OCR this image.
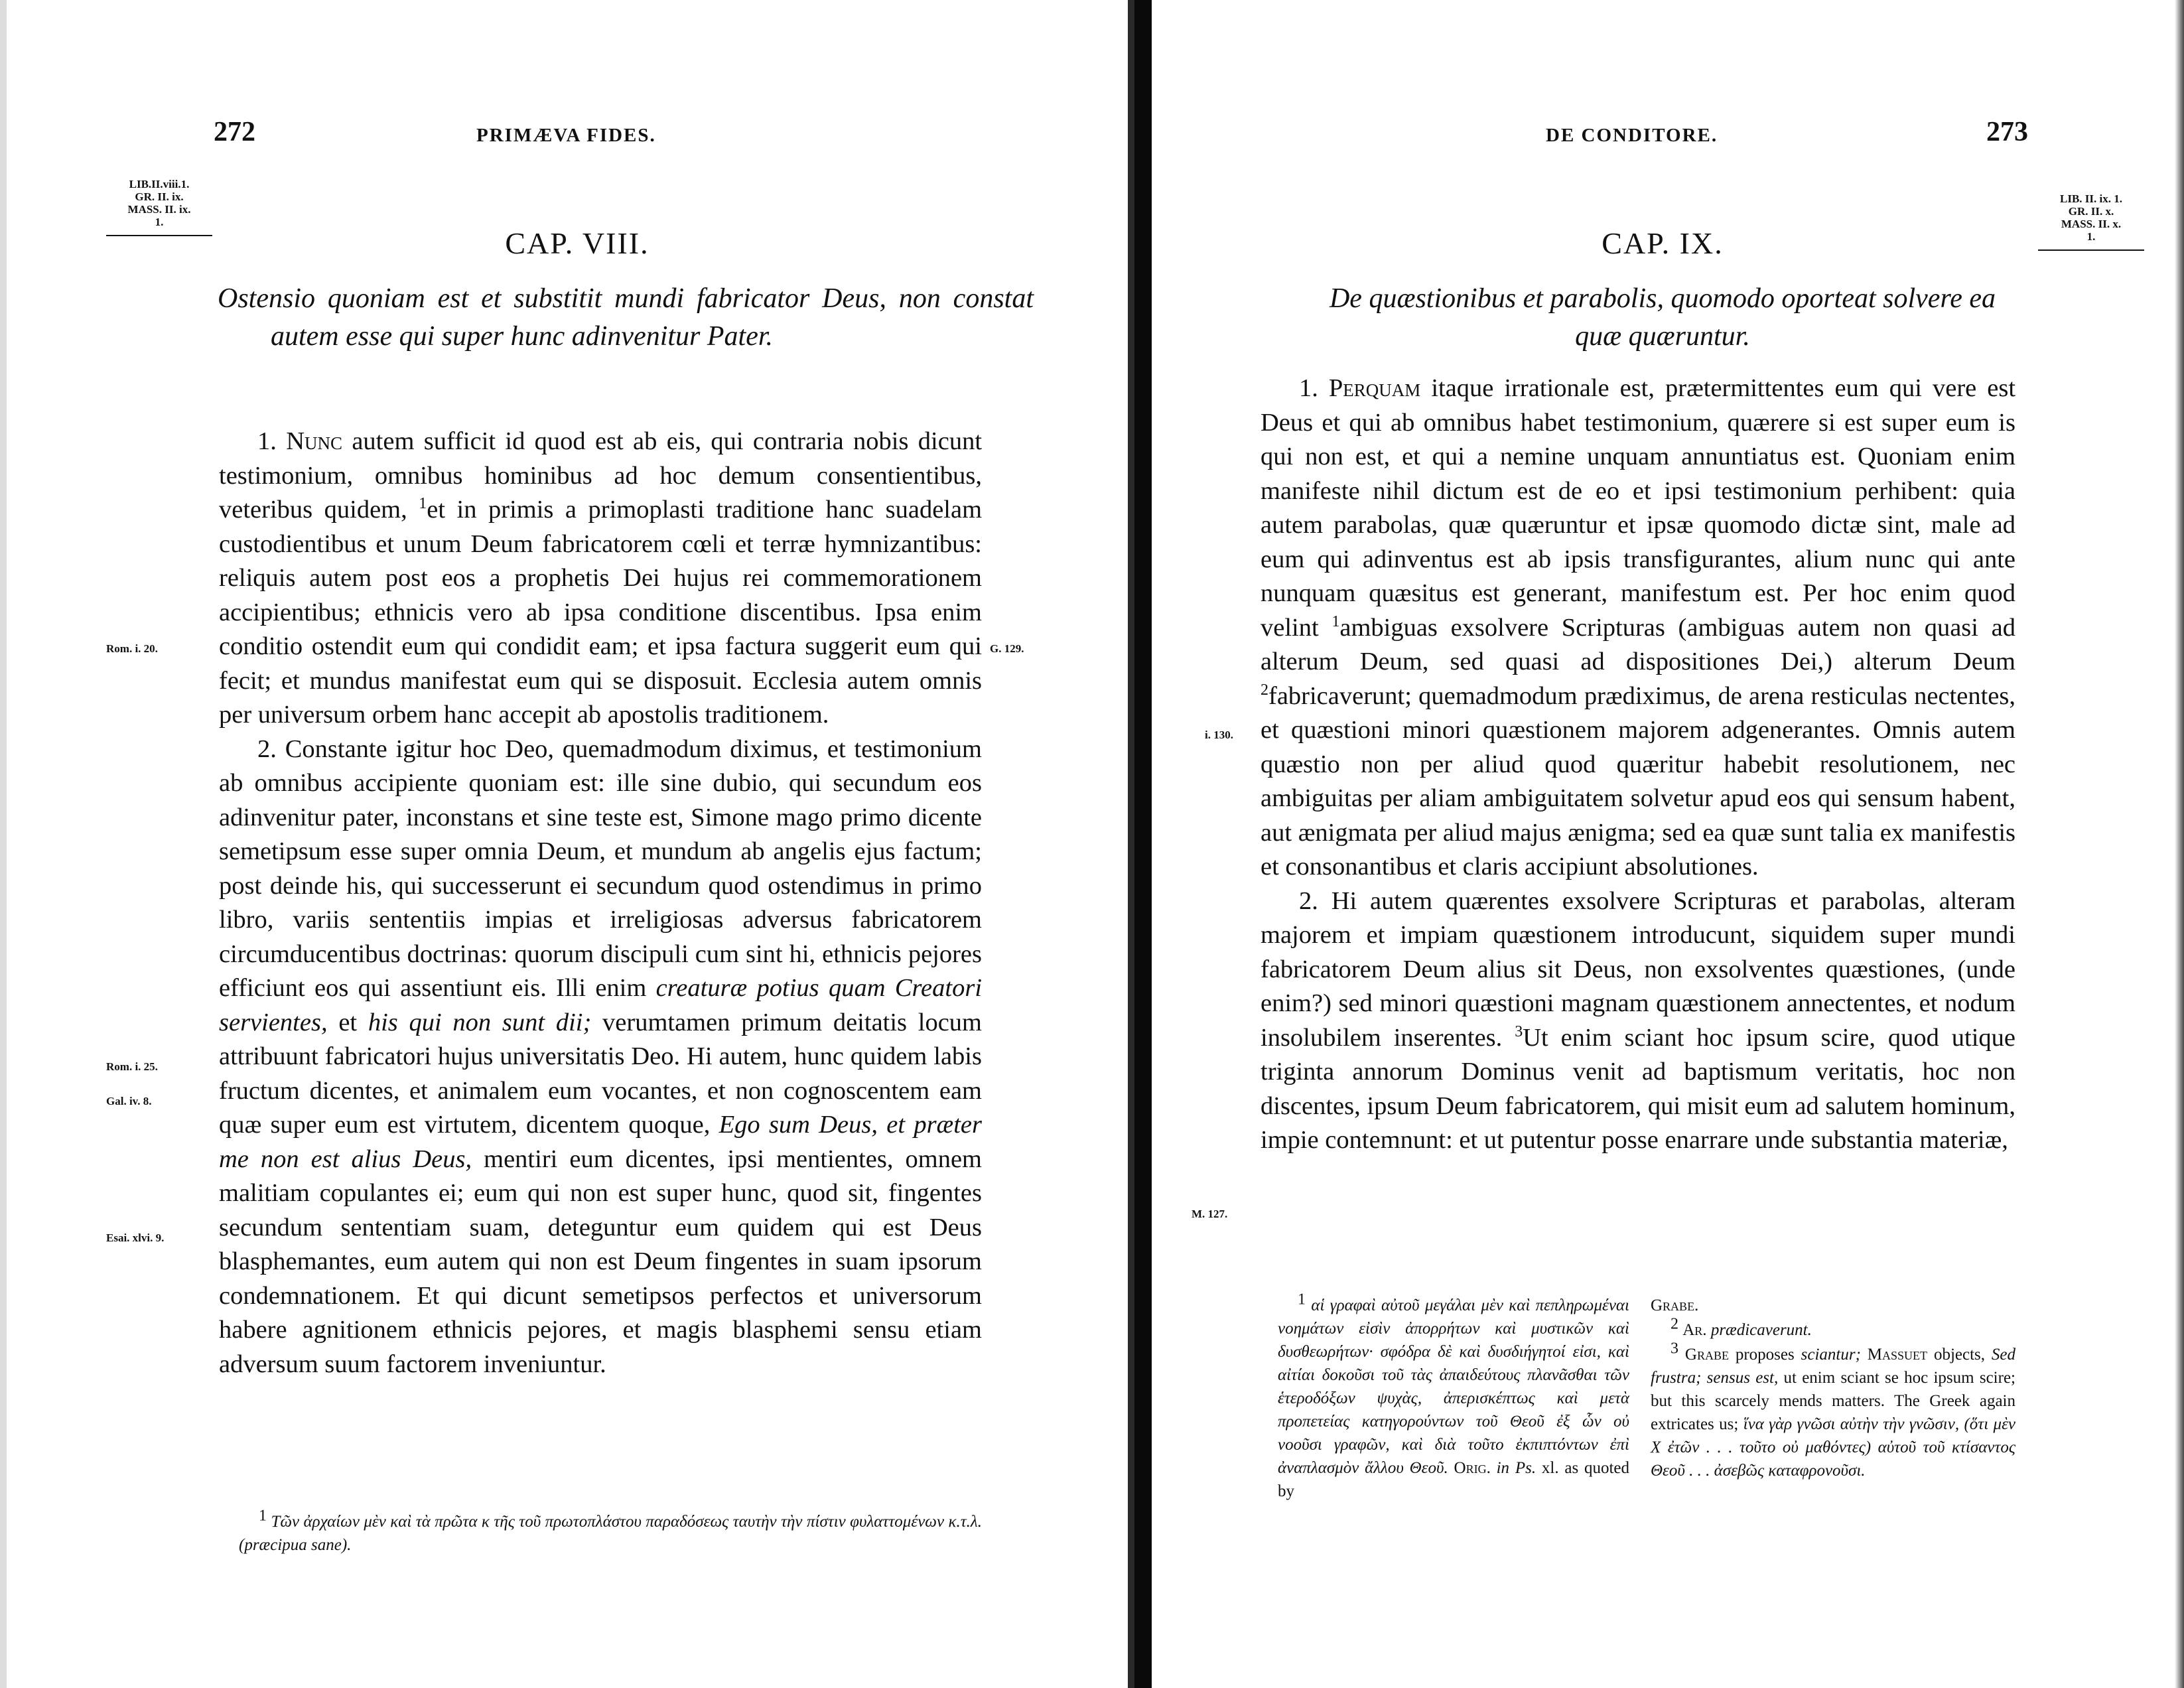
272	PRIMÆVA FIDES.
LIB.II.viii.1.
GR. II. ix.
MASS. II. ix.
1.
CAP. VIII.
Ostensio quoniam est et substitit mundi fabricator Deus, non constat autem esse qui super hunc adinvenitur Pater.

1. Nunc autem sufficit id quod est ab eis, qui contraria nobis dicunt testimonium, omnibus hominibus ad hoc demum consentientibus, veteribus quidem, $^1$et in primis a primoplasti traditione hanc suadelam custodientibus et unum Deum fabricatorem cœli et terræ hymnizantibus: reliquis autem post eos a prophetis Dei hujus rei commemorationem accipientibus; ethnicis vero ab ipsa conditione discentibus. Ipsa enim conditio ostendit eum qui condidit eam; et ipsa factura suggerit eum qui fecit; et mundus manifestat eum qui se disposuit. Ecclesia autem omnis per universum orbem hanc accepit ab apostolis traditionem.

2. Constante igitur hoc Deo, quemadmodum diximus, et testimonium ab omnibus accipiente quoniam est: ille sine dubio, qui secundum eos adinvenitur pater, inconstans et sine teste est, Simone mago primo dicente semetipsum esse super omnia Deum, et mundum ab angelis ejus factum; post deinde his, qui successerunt ei secundum quod ostendimus in primo libro, variis sententiis impias et irreligiosas adversus fabricatorem circumducentibus doctrinas: quorum discipuli cum sint hi, ethnicis pejores efficiunt eos qui assentiunt eis. Illi enim creaturæ potius quam Creatori servientes, et his qui non sunt dii; verumtamen primum deitatis locum attribuunt fabricatori hujus universitatis Deo. Hi autem, hunc quidem labis fructum dicentes, et animalem eum vocantes, et non cognoscentem eam quæ super eum est virtutem, dicentem quoque, Ego sum Deus, et præter me non est alius Deus, mentiri eum dicentes, ipsi mentientes, omnem malitiam copulantes ei; eum qui non est super hunc, quod sit, fingentes secundum sententiam suam, deteguntur eum quidem qui est Deus blasphemantes, eum autem qui non est Deum fingentes in suam ipsorum condemnationem. Et qui dicunt semetipsos perfectos et universorum habere agnitionem ethnicis pejores, et magis blasphemi sensu etiam adversum suum factorem inveniuntur.

Rom. i. 20.	G. 129.
Rom. i. 25.
Gal. iv. 8.
Esai. xlvi. 9.

$^1$ Τῶν ἀρχαίων μὲν καὶ τὰ πρῶτα κ τῆς τοῦ πρωτοπλάστου παραδόσεως ταυτὴν τὴν πίστιν φυλαττομένων κ.τ.λ. (præcipua sane).

DE CONDITORE.	273
LIB. II. ix. 1.
GR. II. x.
MASS. II. x.
1.
CAP. IX.
De quæstionibus et parabolis, quomodo oporteat solvere ea quæ quæruntur.

1. Perquam itaque irrationale est, prætermittentes eum qui vere est Deus et qui ab omnibus habet testimonium, quærere si est super eum is qui non est, et qui a nemine unquam annuntiatus est. Quoniam enim manifeste nihil dictum est de eo et ipsi testimonium perhibent: quia autem parabolas, quæ quæruntur et ipsæ quomodo dictæ sint, male ad eum qui adinventus est ab ipsis transfigurantes, alium nunc qui ante nunquam quæsitus est generant, manifestum est. Per hoc enim quod velint $^1$ambiguas exsolvere Scripturas (ambiguas autem non quasi ad alterum Deum, sed quasi ad dispositiones Dei,) alterum Deum $^2$fabricaverunt; quemadmodum prædiximus, de arena resticulas nectentes, et quæstioni minori quæstionem majorem adgenerantes. Omnis autem quæstio non per aliud quod quæritur habebit resolutionem, nec ambiguitas per aliam ambiguitatem solvetur apud eos qui sensum habent, aut ænigmata per aliud majus ænigma; sed ea quæ sunt talia ex manifestis et consonantibus et claris accipiunt absolutiones.

2. Hi autem quærentes exsolvere Scripturas et parabolas, alteram majorem et impiam quæstionem introducunt, siquidem super mundi fabricatorem Deum alius sit Deus, non exsolventes quæstiones, (unde enim?) sed minori quæstioni magnam quæstionem annectentes, et nodum insolubilem inserentes. $^3$Ut enim sciant hoc ipsum scire, quod utique triginta annorum Dominus venit ad baptismum veritatis, hoc non discentes, ipsum Deum fabricatorem, qui misit eum ad salutem hominum, impie contemnunt: et ut putentur posse enarrare unde substantia materiæ,

i. 130.
M. 127.

$^1$ αἱ γραφαὶ αὐτοῦ μεγάλαι μὲν καὶ πεπληρωμέναι νοημάτων εἰσὶν ἀπορρήτων καὶ μυστικῶν καὶ δυσθεωρήτων· σφόδρα δὲ καὶ δυσδιήγητοί εἰσι, καὶ αἰτίαι δοκοῦσι τοῦ τὰς ἀπαιδεύτους πλανᾶσθαι τῶν ἑτεροδόξων ψυχὰς, ἀπερισκέπτως καὶ μετὰ προπετείας κατηγορούντων τοῦ Θεοῦ ἐξ ὧν οὐ νοοῦσι γραφῶν, καὶ διὰ τοῦτο ἐκπιπτόντων ἐπὶ ἀναπλασμὸν ἄλλου Θεοῦ. Orig. in Ps. xl. as quoted by

Grabe.

$^2$ Ar. prædicaverunt.

$^3$ Grabe proposes sciantur; Massuet objects, Sed frustra; sensus est, ut enim sciant se hoc ipsum scire; but this scarcely mends matters. The Greek again extricates us; ἵνα γὰρ γνῶσι αὐτὴν τὴν γνῶσιν, (ὅτι μὲν Χ ἐτῶν . . . τοῦτο οὐ μαθόντες) αὐτοῦ τοῦ κτίσαντος Θεοῦ . . . ἀσεβῶς καταφρονοῦσι.
